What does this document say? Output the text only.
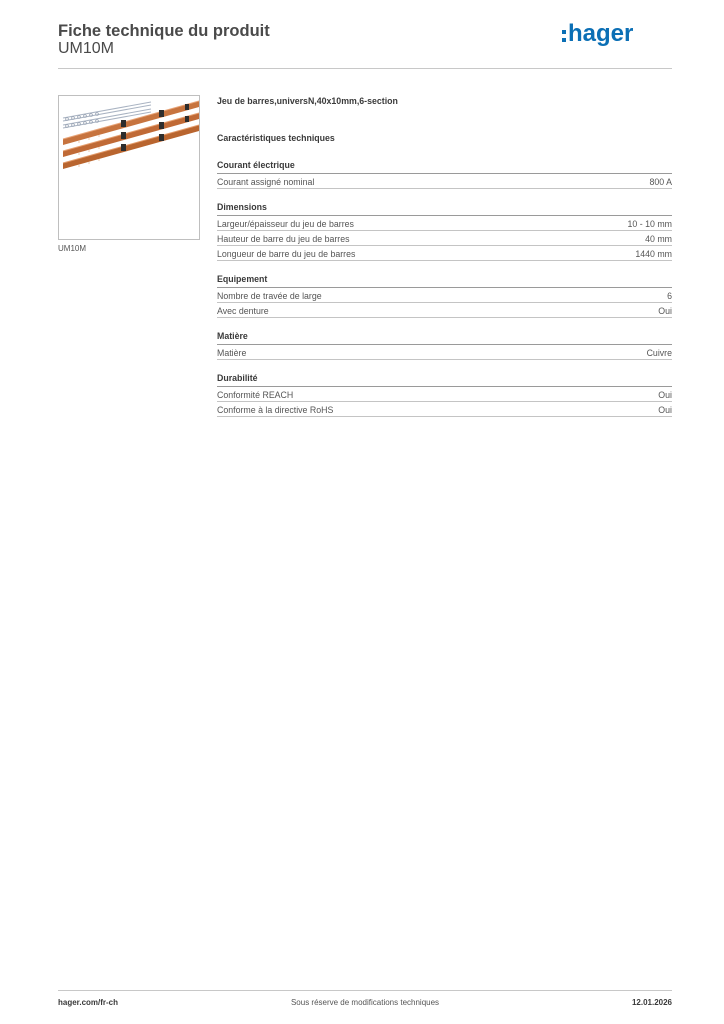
Fiche technique du produit
UM10M
hager
UM10M
Jeu de barres,universN,40x10mm,6-section
Caractéristiques techniques
Courant électrique
Courant assigné nominal	800 A
Dimensions
Largeur/épaisseur du jeu de barres	10 - 10 mm
Hauteur de barre du jeu de barres	40 mm
Longueur de barre du jeu de barres	1440 mm
Equipement
Nombre de travée de large	6
Avec denture	Oui
Matière
Matière	Cuivre
Durabilité
Conformité REACH	Oui
Conforme à la directive RoHS	Oui
hager.com/fr-ch	Sous réserve de modifications techniques	12.01.2026
